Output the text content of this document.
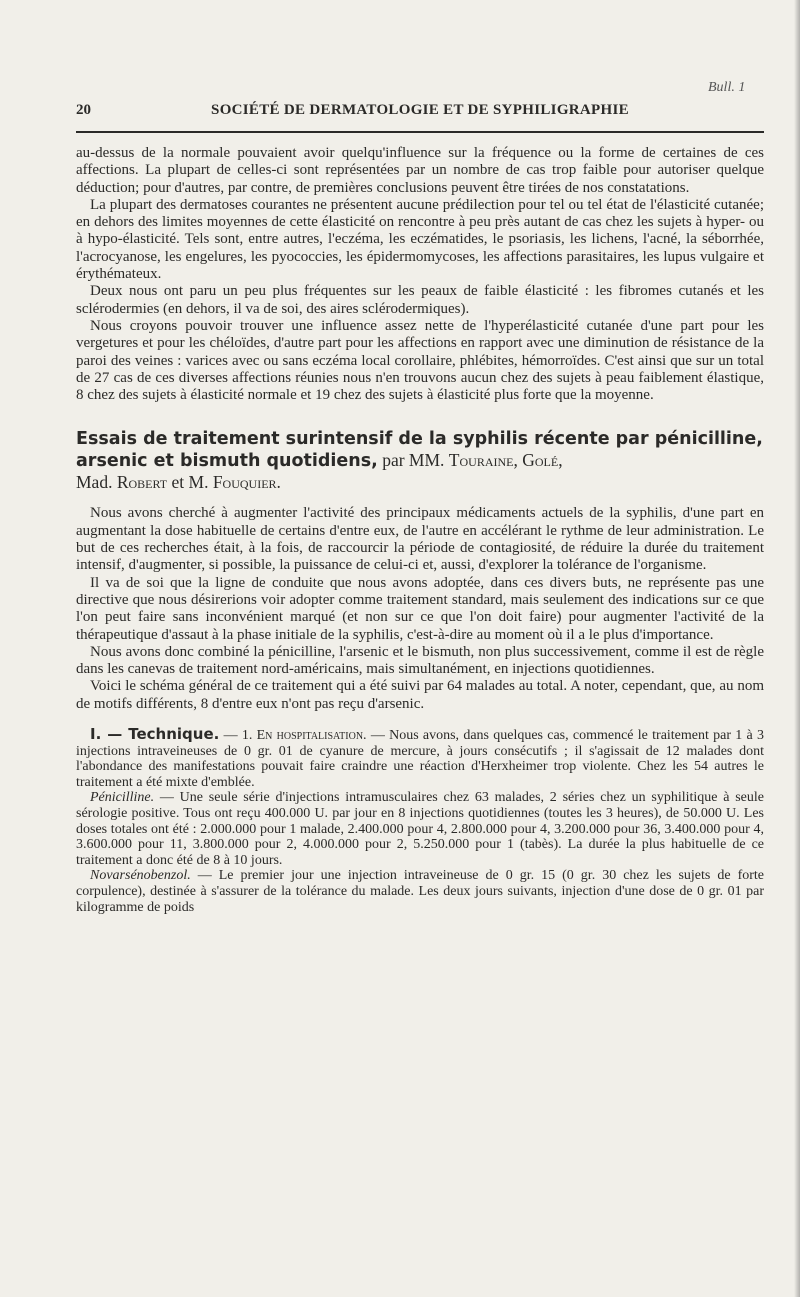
Bull. 1
20	SOCIÉTÉ DE DERMATOLOGIE ET DE SYPHILIGRAPHIE

au-dessus de la normale pouvaient avoir quelqu'influence sur la fréquence ou la forme de certaines de ces affections. La plupart de celles-ci sont représentées par un nombre de cas trop faible pour autoriser quelque déduction; pour d'autres, par contre, de premières conclusions peuvent être tirées de nos constatations.

La plupart des dermatoses courantes ne présentent aucune prédilection pour tel ou tel état de l'élasticité cutanée; en dehors des limites moyennes de cette élasticité on rencontre à peu près autant de cas chez les sujets à hyper- ou à hypo-élasticité. Tels sont, entre autres, l'eczéma, les eczématides, le psoriasis, les lichens, l'acné, la séborrhée, l'acrocyanose, les engelures, les pyococcies, les épidermomycoses, les affections parasitaires, les lupus vulgaire et érythémateux.

Deux nous ont paru un peu plus fréquentes sur les peaux de faible élasticité : les fibromes cutanés et les sclérodermies (en dehors, il va de soi, des aires sclérodermiques).

Nous croyons pouvoir trouver une influence assez nette de l'hyperélasticité cutanée d'une part pour les vergetures et pour les chéloïdes, d'autre part pour les affections en rapport avec une diminution de résistance de la paroi des veines : varices avec ou sans eczéma local corollaire, phlébites, hémorroïdes. C'est ainsi que sur un total de 27 cas de ces diverses affections réunies nous n'en trouvons aucun chez des sujets à peau faiblement élastique, 8 chez des sujets à élasticité normale et 19 chez des sujets à élasticité plus forte que la moyenne.

Essais de traitement surintensif de la syphilis récente par pénicilline, arsenic et bismuth quotidiens, par MM. Touraine, Golé,
Mad. Robert et M. Fouquier.

Nous avons cherché à augmenter l'activité des principaux médicaments actuels de la syphilis, d'une part en augmentant la dose habituelle de certains d'entre eux, de l'autre en accélérant le rythme de leur administration. Le but de ces recherches était, à la fois, de raccourcir la période de contagiosité, de réduire la durée du traitement intensif, d'augmenter, si possible, la puissance de celui-ci et, aussi, d'explorer la tolérance de l'organisme.

Il va de soi que la ligne de conduite que nous avons adoptée, dans ces divers buts, ne représente pas une directive que nous désirerions voir adopter comme traitement standard, mais seulement des indications sur ce que l'on peut faire sans inconvénient marqué (et non sur ce que l'on doit faire) pour augmenter l'activité de la thérapeutique d'assaut à la phase initiale de la syphilis, c'est-à-dire au moment où il a le plus d'importance.

Nous avons donc combiné la pénicilline, l'arsenic et le bismuth, non plus successivement, comme il est de règle dans les canevas de traitement nord-américains, mais simultanément, en injections quotidiennes.

Voici le schéma général de ce traitement qui a été suivi par 64 malades au total. A noter, cependant, que, au nom de motifs différents, 8 d'entre eux n'ont pas reçu d'arsenic.

I. — Technique. — 1. En hospitalisation. — Nous avons, dans quelques cas, commencé le traitement par 1 à 3 injections intraveineuses de 0 gr. 01 de cyanure de mercure, à jours consécutifs ; il s'agissait de 12 malades dont l'abondance des manifestations pouvait faire craindre une réaction d'Herxheimer trop violente. Chez les 54 autres le traitement a été mixte d'emblée.

Pénicilline. — Une seule série d'injections intramusculaires chez 63 malades, 2 séries chez un syphilitique à seule sérologie positive. Tous ont reçu 400.000 U. par jour en 8 injections quotidiennes (toutes les 3 heures), de 50.000 U. Les doses totales ont été : 2.000.000 pour 1 malade, 2.400.000 pour 4, 2.800.000 pour 4, 3.200.000 pour 36, 3.400.000 pour 4, 3.600.000 pour 11, 3.800.000 pour 2, 4.000.000 pour 2, 5.250.000 pour 1 (tabès). La durée la plus habituelle de ce traitement a donc été de 8 à 10 jours.

Novarsénobenzol. — Le premier jour une injection intraveineuse de 0 gr. 15 (0 gr. 30 chez les sujets de forte corpulence), destinée à s'assurer de la tolérance du malade. Les deux jours suivants, injection d'une dose de 0 gr. 01 par kilogramme de poids
